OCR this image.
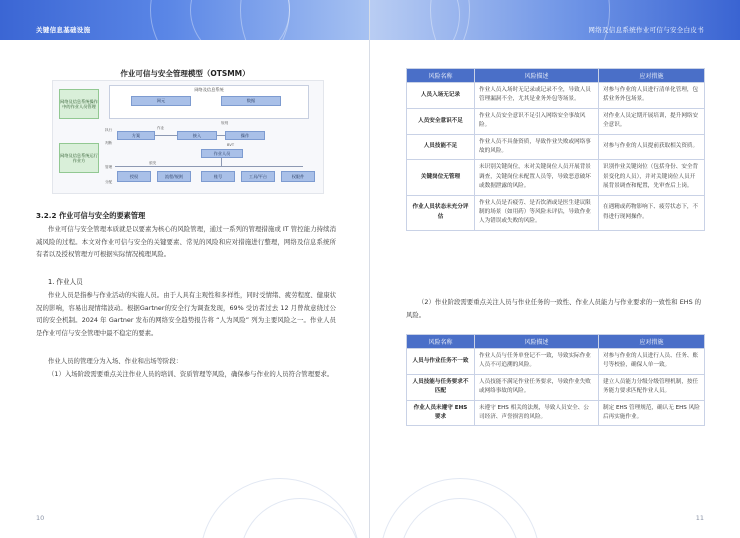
关键信息基础设施
作业可信与安全管理模型（OTSMM）
网络及信息系统操作中的作业人员管理
网络及信息系统运行作业方
网络及信息系统
网元	数据
规则
执行
判断
方案
作业
接入	操作
BVT
作业人员
管理
分配
颁发
授权	流程/规则	账号	工具/平台	权限件
3.2.2 作业可信与安全的要素管理

作业可信与安全管理本质就是以要素为核心的风险管理，通过一系列的管理措施或 IT 管控能力持续消减风险的过程。本文对作业可信与安全的关键要素、常见的风险和应对措施进行整理，网络及信息系统所有者以及授权管理方可根据实际情况梳理风险。

1. 作业人员

作业人员是指参与作业活动的实施人员。由于人具有主观性和多样性，同时受情绪、疲劳程度、健康状况的影响，容易出现情绪波动。根据Gartner的安全行为调查发现，69% 受访者过去 12 月曾故意绕过公司的安全机制。2024 年 Gartner 发布的网络安全趋势报告将 “人为风险” 列为主要风险之一。作业人员是作业可信与安全管理中最不稳定的要素。

作业人员的管理分为入场、作业和出场等阶段：

（1）入场阶段需要重点关注作业人员的培训、资质管理等风险，确保参与作业的人员符合管理要求。

10
网络及信息系统作业可信与安全白皮书
11
风险名称	风险描述	应对措施
人员入场无记录	作业人员入场时无记录或记录不全，导致人员管理漏洞不全，尤其是业务外包等场景。	对参与作业的人员进行清单化管理，包括业务外包场景。
人员安全意识不足	作业人员安全意识不足引入网络安全事故风险。	对作业人员定期开展培训，提升网络安全意识。
人员技能不足	作业人员不具备资质，导致作业失败或网络事故的风险。	对参与作业的人员提前获取相关资质。
关键岗位无管理	未识别关键岗位，未对关键岗位人员开展背景调查，关键岗位未配置人员等，导致恶意破坏或数据泄露的风险。	识别作业关键岗位（包括身份、安全背景变化的人员），并对关键岗位人员开展背景调查和配置，先审查后上岗。
作业人员状态未充分评估	作业人员是否疲劳、是否饮酒或是医生建议限制的场景（如用药）等风险未评估，导致作业人为错误或失败的风险。	在遇精或药物影响下、疲劳状态下，不得进行现网操作。

（2）作业阶段需要重点关注人员与作业任务的一致性、作业人员能力与作业要求的一致性和 EHS 的风险。

风险名称	风险描述	应对措施
人员与作业任务不一致	作业人员与任务单登记不一致，导致实际作业人员不可追溯的风险。	对参与作业的人员进行人员、任务、账号等校验，确保人单一致。
人员技能与任务要求不匹配	人员技能不满足作业任务要求，导致作业失败或网络事故的风险。	建立人员能力分级分级管理机制，按任务能力要求匹配作业人员。
作业人员未遵守 EHS 要求	未遵守 EHS 相关的法规，导致人员安全、公司经济、声誉损害的风险。	制定 EHS 管理规范，确认无 EHS 风险后再实施作业。
